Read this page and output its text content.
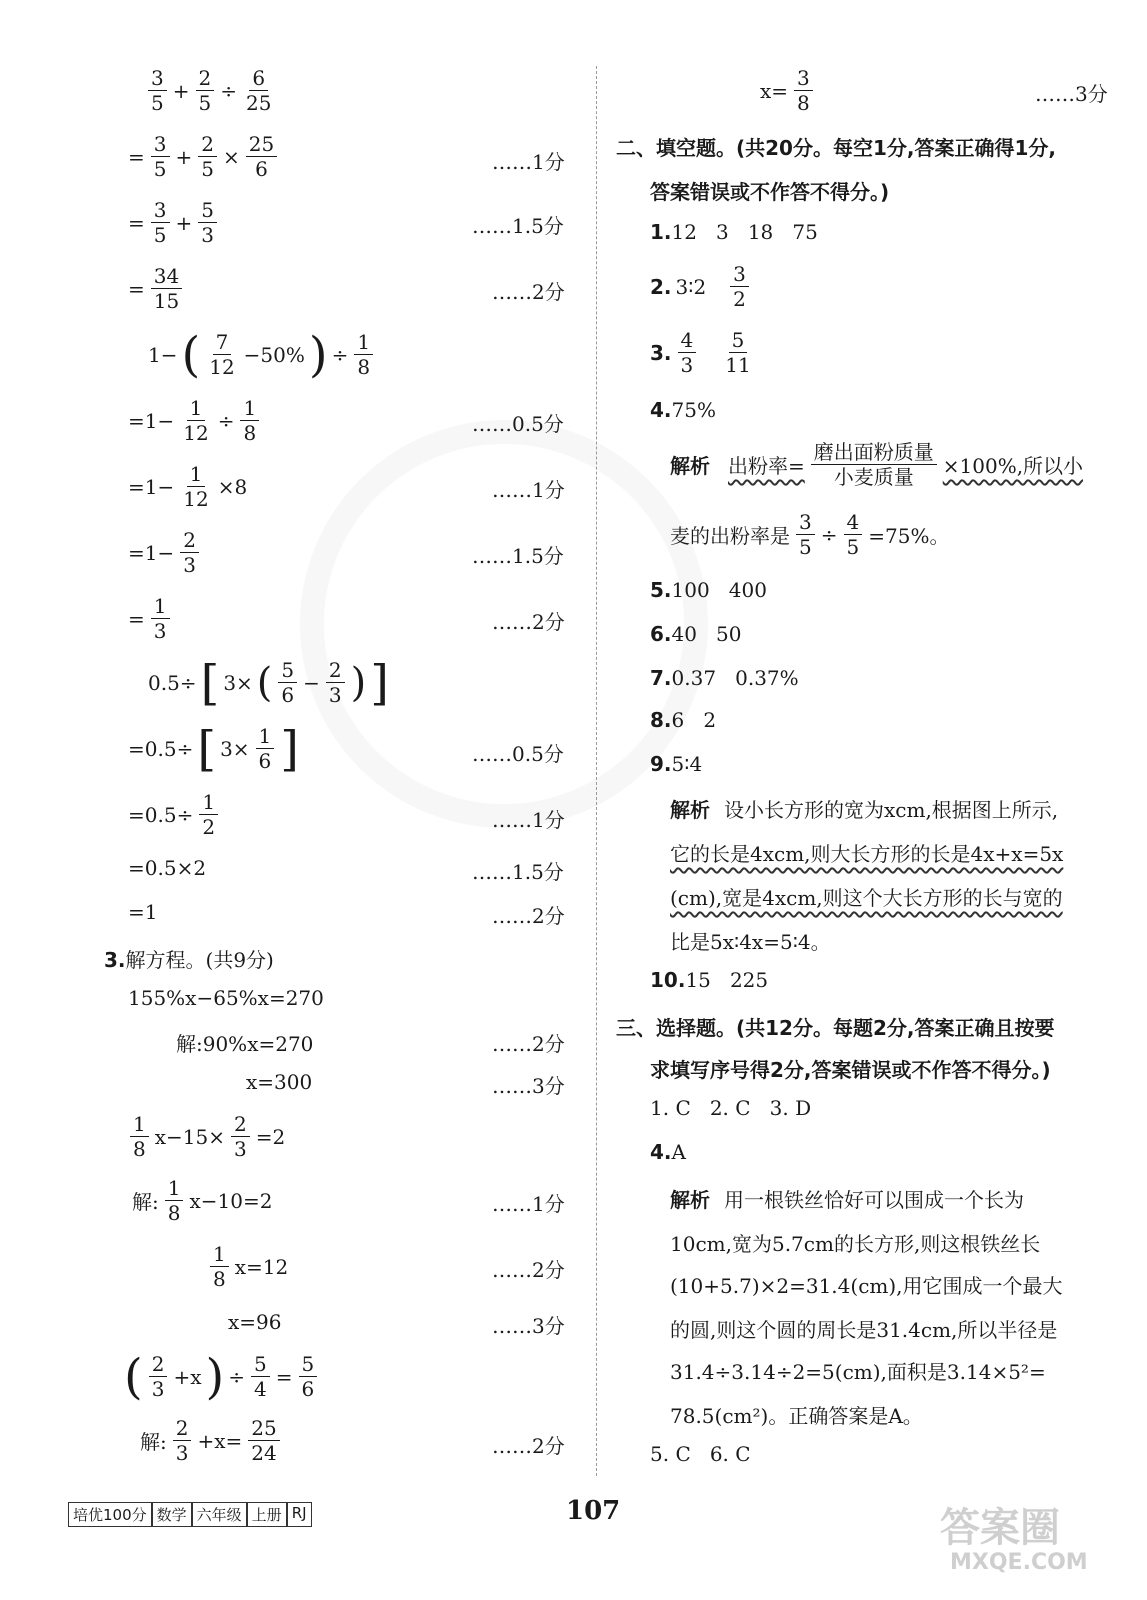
$\frac{3}{5} + \frac{2}{5} \div \frac{6}{25}$
= $\frac{3}{5} + \frac{2}{5} \times \frac{25}{6}$	……1分
= $\frac{3}{5} + \frac{5}{3}$	……1.5分
= $\frac{34}{15}$	……2分
1− ( $\frac{7}{12} -50\%$ ) ÷ $\frac{1}{8}$
$=1- \frac{1}{12} \div \frac{1}{8}$	……0.5分
$=1- \frac{1}{12} \times 8$	……1分
$=1- \frac{2}{3}$	……1.5分
= $\frac{1}{3}$	……2分
0.5÷ [ 3× ( $\frac{5}{6} - \frac{2}{3}$ ) ]
=0.5÷ [ $3\times \frac{1}{6}$ ]	……0.5分
$=0.5\div \frac{1}{2}$	……1分
=0.5×2	……1.5分
=1	……2分
3.解方程。(共9分)
155%x−65%x=270
解:90%x=270	……2分
x=300	……3分
$\frac{1}{8} x-15\times \frac{2}{3} =2$
解: $\frac{1}{8} x-10=2$	……1分
$\frac{1}{8} x=12$	……2分
x=96	……3分
( $\frac{2}{3} +x$ ) ÷ $\frac{5}{4} = \frac{5}{6}$
解: $\frac{2}{3} +x= \frac{25}{24}$	……2分
$x= \frac{3}{8}$	……3分
二、填空题。(共20分。每空1分,答案正确得1分,
答案错误或不作答不得分。)
1.12   3   18   75
2. 3∶2 $\frac{3}{2}$
3. $\frac{4}{3} \frac{5}{11}$
4.75%
解析 出粉率= $\frac{\text{磨出面粉质量}}{\text{小麦质量}} \times 100\%$,所以小
麦的出粉率是 $\frac{3}{5} \div \frac{4}{5} =75\%$。
5.100   400
6.40   50
7.0.37   0.37%
8.6   2
9.5∶4
解析 设小长方形的宽为xcm,根据图上所示,
它的长是4xcm,则大长方形的长是4x+x=5x
(cm),宽是4xcm,则这个大长方形的长与宽的
比是5x∶4x=5∶4。
10.15   225
三、选择题。(共12分。每题2分,答案正确且按要
求填写序号得2分,答案错误或不作答不得分。)
1. C   2. C   3. D
4.A
解析 用一根铁丝恰好可以围成一个长为
10cm,宽为5.7cm的长方形,则这根铁丝长
(10+5.7)×2=31.4(cm),用它围成一个最大
的圆,则这个圆的周长是31.4cm,所以半径是
31.4÷3.14÷2=5(cm),面积是3.14×5²=
78.5(cm²)。正确答案是A。
5. C   6. C
培优100分 数学 六年级 上册 RJ	107	答案圈
MXQE.COM
